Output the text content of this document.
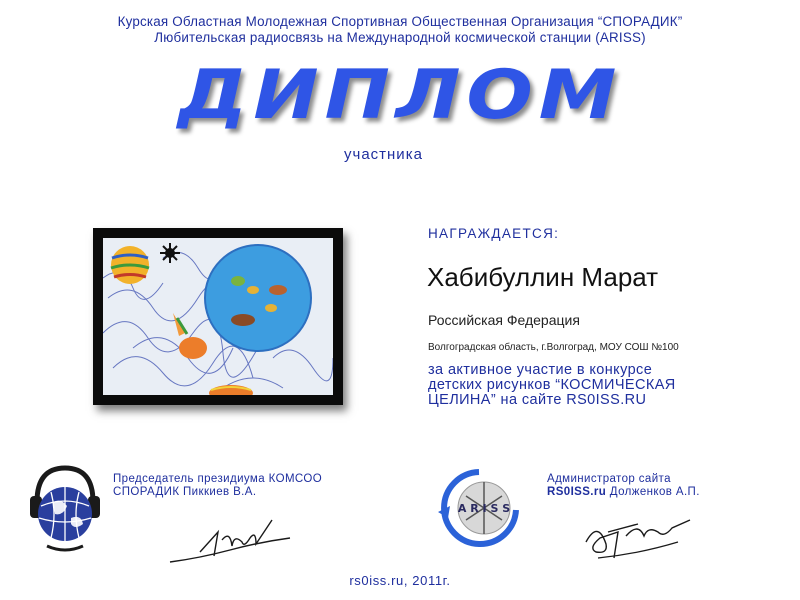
Курская Областная Молодежная Спортивная Общественная Организация “СПОРАДИК”
Любительская радиосвязь на Международной космической станции (ARISS)
ДИПЛОМ
участника
НАГРАЖДАЕТСЯ:
Хабибуллин Марат
Российская Федерация
Волгоградская область, г.Волгоград, МОУ СОШ №100
за активное участие в конкурсе
детских рисунков “КОСМИЧЕСКАЯ
ЦЕЛИНА” на сайте RS0ISS.RU
Председатель президиума КОМСОО
СПОРАДИК Пиккиев В.А.
A R I S S
Администратор сайта
RS0ISS.ru Долженков А.П.
rs0iss.ru, 2011г.
